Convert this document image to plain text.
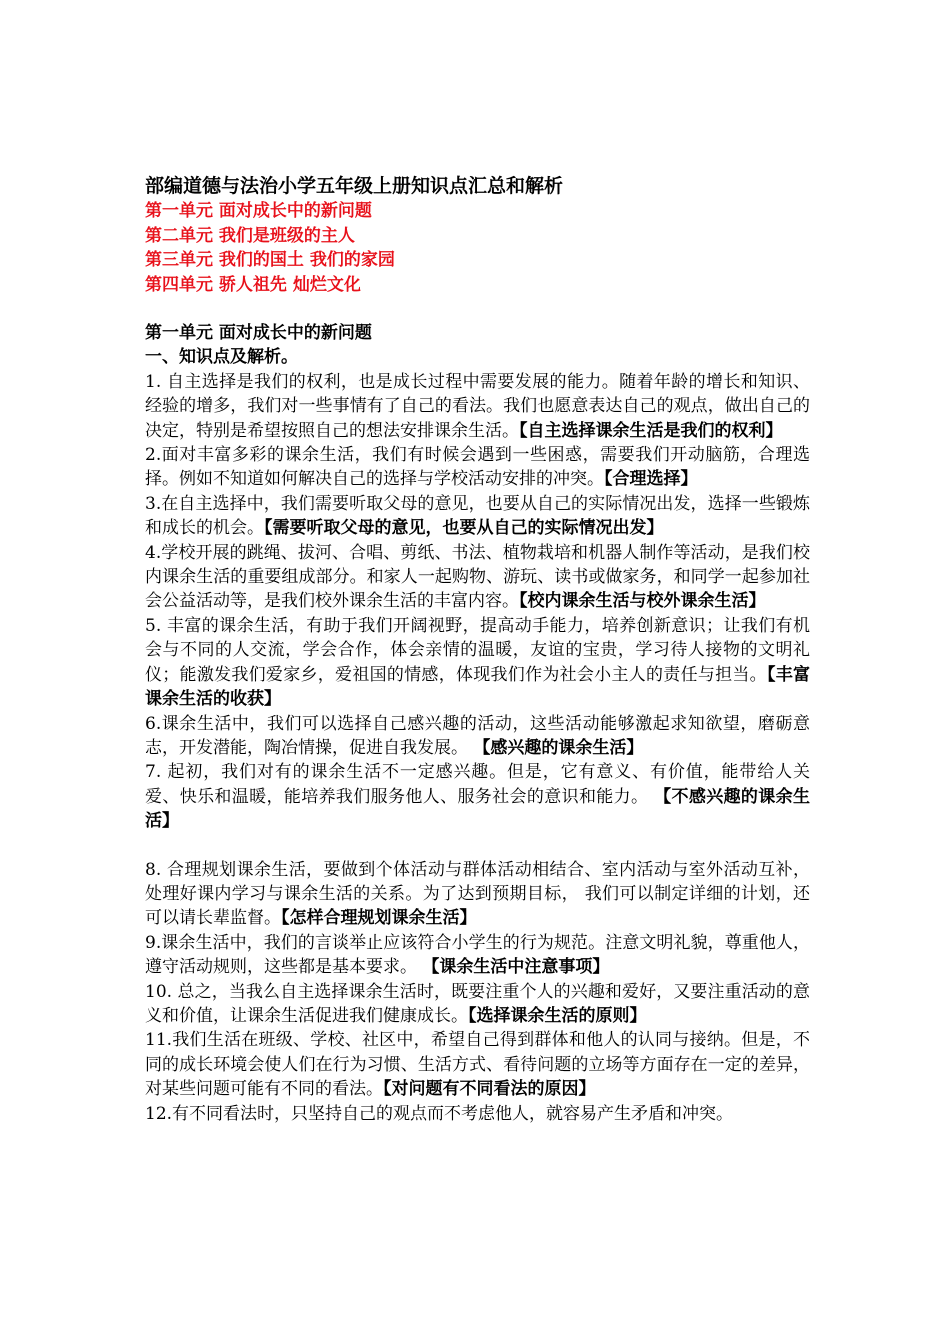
部编道德与法治小学五年级上册知识点汇总和解析

第一单元 面对成长中的新问题

第二单元 我们是班级的主人

第三单元 我们的国土 我们的家园

第四单元 骄人祖先 灿烂文化

第一单元 面对成长中的新问题

一、知识点及解析。

1. 自主选择是我们的权利，也是成长过程中需要发展的能力。随着年龄的增长和知识、经验的增多，我们对一些事情有了自己的看法。我们也愿意表达自己的观点，做出自己的决定，特别是希望按照自己的想法安排课余生活。【自主选择课余生活是我们的权利】

2.面对丰富多彩的课余生活，我们有时候会遇到一些困惑，需要我们开动脑筋，合理选择。例如不知道如何解决自己的选择与学校活动安排的冲突。【合理选择】

3.在自主选择中，我们需要听取父母的意见，也要从自己的实际情况出发，选择一些锻炼和成长的机会。【需要听取父母的意见，也要从自己的实际情况出发】

4.学校开展的跳绳、拔河、合唱、剪纸、书法、植物栽培和机器人制作等活动，是我们校内课余生活的重要组成部分。和家人一起购物、游玩、读书或做家务，和同学一起参加社会公益活动等，是我们校外课余生活的丰富内容。【校内课余生活与校外课余生活】

5. 丰富的课余生活，有助于我们开阔视野，提高动手能力，培养创新意识；让我们有机会与不同的人交流，学会合作，体会亲情的温暖，友谊的宝贵，学习待人接物的文明礼仪；能激发我们爱家乡，爱祖国的情感，体现我们作为社会小主人的责任与担当。【丰富课余生活的收获】

6.课余生活中，我们可以选择自己感兴趣的活动，这些活动能够激起求知欲望，磨砺意志，开发潜能，陶冶情操，促进自我发展。 【感兴趣的课余生活】

7. 起初，我们对有的课余生活不一定感兴趣。但是，它有意义、有价值，能带给人关爱、快乐和温暖，能培养我们服务他人、服务社会的意识和能力。 【不感兴趣的课余生活】

8. 合理规划课余生活，要做到个体活动与群体活动相结合、室内活动与室外活动互补，处理好课内学习与课余生活的关系。为了达到预期目标， 我们可以制定详细的计划，还可以请长辈监督。【怎样合理规划课余生活】

9.课余生活中，我们的言谈举止应该符合小学生的行为规范。注意文明礼貌，尊重他人，遵守活动规则，这些都是基本要求。 【课余生活中注意事项】

10. 总之，当我么自主选择课余生活时，既要注重个人的兴趣和爱好，又要注重活动的意义和价值，让课余生活促进我们健康成长。【选择课余生活的原则】

11.我们生活在班级、学校、社区中，希望自己得到群体和他人的认同与接纳。但是，不同的成长环境会使人们在行为习惯、生活方式、看待问题的立场等方面存在一定的差异，对某些问题可能有不同的看法。【对问题有不同看法的原因】

12.有不同看法时，只坚持自己的观点而不考虑他人，就容易产生矛盾和冲突。
